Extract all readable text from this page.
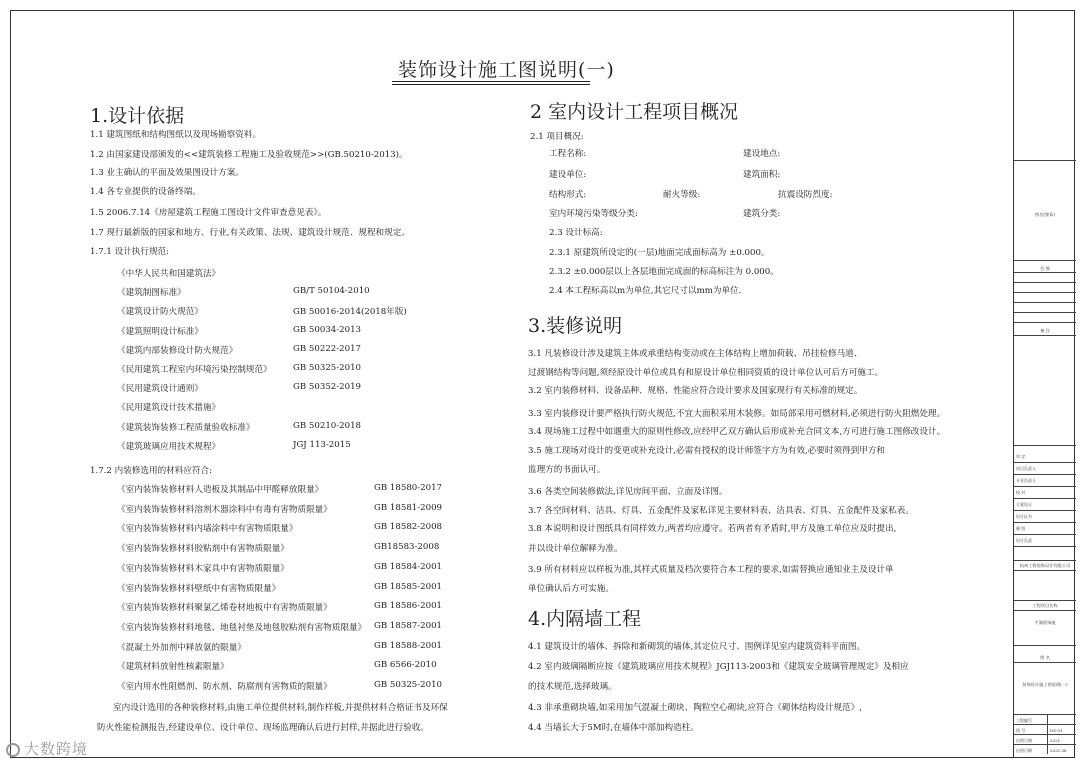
装饰设计施工图说明(一)
1.设计依据
1.1 建筑图纸和结构图纸以及现场勘察资料。
1.2 由国家建设部颁发的<<建筑装修工程施工及验收规范>>(GB.50210-2013)。
1.3 业主确认的平面及效果图设计方案。
1.4 各专业提供的设备终端。
1.5 2006.7.14《房屋建筑工程施工图设计文件审查意见表》。
1.7 现行最新版的国家和地方、行业,有关政策、法规、建筑设计规范、规程和规定。
1.7.1 设计执行规范:
《中华人民共和国建筑法》
《建筑制图标准》	GB/T 50104-2010
《建筑设计防火规范》	GB 50016-2014(2018年版)
《建筑照明设计标准》	GB 50034-2013
《建筑内部装修设计防火规范》	GB 50222-2017
《民用建筑工程室内环境污染控制规范》 GB 50325-2010
《民用建筑设计通则》	GB 50352-2019
《民用建筑设计技术措施》
《建筑装饰装修工程质量验收标准》	GB 50210-2018
《建筑玻璃应用技术规程》	JGJ 113-2015
1.7.2 内装修选用的材料应符合:
《室内装饰装修材料人造板及其制品中甲醛释放限量》	GB 18580-2017
《室内装饰装修材料溶剂木器涂料中有毒有害物质限量》	GB 18581-2009
《室内装饰装修材料内墙涂料中有害物质限量》	GB 18582-2008
《室内装饰装修材料胶粘剂中有害物质限量》	GB18583-2008
《室内装饰装修材料木家具中有害物质限量》	GB 18584-2001
《室内装饰装修材料壁纸中有害物质限量》	GB 18585-2001
《室内装饰装修材料聚氯乙烯卷材地板中有害物质限量》	GB 18586-2001
《室内装饰装修材料地毯、地毯衬垫及地毯胶粘剂有害物质限量》 GB 18587-2001
《混凝土外加剂中释放氨的限量》	GB 18588-2001
《建筑材料放射性核素限量》	GB 6566-2010
《室内用水性阻燃剂、防水剂、防腐剂有害物质的限量》	GB 50325-2010
室内设计选用的各种装修材料,由施工单位提供材料,制作样板,并提供材料合格证书及环保
防火性能检测报告,经建设单位、设计单位、现场监理确认后进行封样,并据此进行验收。
2 室内设计工程项目概况
2.1 项目概况:
工程名称:	建设地点:
建设单位:	建筑面积:
结构形式:	耐火等级:	抗震设防烈度:
室内环境污染等级分类:	建筑分类:
2.3 设计标高:
2.3.1 原建筑所设定的(一层)地面完成面标高为 ±0.000。
2.3.2 ±0.000层以上各层地面完成面的标高标注为 0.000。
2.4 本工程标高以m为单位,其它尺寸以mm为单位.
3.装修说明
3.1 凡装修设计涉及建筑主体或承重结构变动或在主体结构上增加荷载、吊挂检修马道、
过渡钢结构等问题,须经原设计单位或具有和原设计单位相同资质的设计单位认可后方可施工。
3.2 室内装修材料、设备品种、规格、性能应符合设计要求及国家现行有关标准的规定。
3.3 室内装修设计要严格执行防火规范,不宜大面积采用木装修。如局部采用可燃材料,必须进行防火阻燃处理。
3.4 现场施工过程中如遇重大的原则性修改,应经甲乙双方确认后形成补充合同文本,方可进行施工图修改设计。
3.5 施工现场对设计的变更或补充设计,必需有授权的设计师签字方为有效,必要时须得到甲方和
监理方的书面认可。
3.6 各类空间装修做法,详见房间平面、立面及详图。
3.7 各空间材料、洁具、灯具、五金配件及家私详见主要材料表、洁具表、灯具、五金配件及家私表。
3.8 本说明和设计图纸具有同样效力,两者均应遵守。若两者有矛盾时,甲方及施工单位应及时提出,
并以设计单位解释为准。
3.9 所有材料应以样板为准,其样式质量及档次要符合本工程的要求,如需替换应通知业主及设计单
单位确认后方可实施。
4.内隔墙工程
4.1 建筑设计的墙体、拆除和新砌筑的墙体,其定位尺寸、围例详见室内建筑资料平面图。
4.2 室内玻璃隔断应按《建筑玻璃应用技术规程》JGJ113-2003和《建筑安全玻璃管理规定》及相应
的技术规范,选择玻璃。
4.3 非承重砌块墙,如采用加气混凝土砌块、陶粒空心砌块,应符合《砌体结构设计规范》,
4.4 当墙长大于5M时,在墙体中部加构造柱。
图名(签章)
会 签
备 注
审 定
项目负责人
专业负责人
校 对
方案设计
设计证书
制 图
设计负责
杭州工程装饰设计有限公司
工程项目名称
平湖装饰施
图 名
装饰设计施工图说明(一)
工程编号
图 号	DS-01
出图日期	2021
出图日期	2021.06
大数跨境
